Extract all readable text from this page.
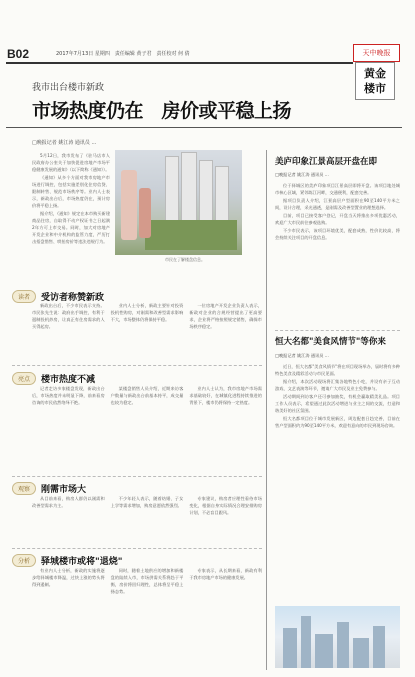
B02	2017年7月13日 星期四　责任编辑 黄子君　责任校对 何 倩	天中晚报
黄金
楼市
我市出台楼市新政
市场热度仍在　房价或平稳上扬
□晚报记者 姚江涛 通讯员 ...

5月12日，我市发布了《驻马店市人民政府办公室关于加快促进房地产市场平稳健康发展的通知》（以下简称《通知》）。

《通知》从多个方面对我市房地产市场进行调控，包括实施差别化住房信贷、限制转售、规范市场秩序等。业内人士表示，新政出台后，市场热度仍在，预计房价将平稳上扬。

据介绍，《通知》规定在本市购买新建商品住房，自取得不动产权证书之日起满2年方可上市交易。同时，加大对房地产开发企业和中介机构的监管力度，严厉打击捂盘惜售、哄抬房价等违法违规行为。

市民在了解楼盘信息。
读者	受访者称赞新政

新政出台后，不少市民表示支持。市民张先生说：政府出手调控，有利于遏制投机炒房，让真正有住房需求的人买得起房。

业内人士分析，新政主要针对投资投机性购房，对刚需和改善型需求影响不大，市场整体仍将保持平稳。

一位房地产开发企业负责人表示，新政对企业的合规经营提出了更高要求，企业将严格按照规定销售，确保市场秩序稳定。

亮点	楼市热度不减

记者走访多家楼盘发现，新政出台后，市场热度并未明显下降，前来看房咨询的市民依然络绎不绝。

某楼盘销售人员介绍，近期来访客户数量与新政出台前基本持平，成交量也较为稳定。

业内人士认为，我市房地产市场需求基础较好，在城镇化进程持续推进的背景下，楼市仍将保持一定热度。

观察	刚需市场大

从目前来看，购房人群仍以刚需和改善型需求为主。

不少年轻人表示，随着结婚、子女上学等需求增加，购房意愿依然强烈。

专家建议，购房者应理性看待市场变化，根据自身实际情况合理安排购房计划，不必盲目跟风。

分析	驿城楼市或将"退烧"

有业内人士分析，新政的实施将逐步给驿城楼市降温，过快上涨的势头将得到遏制。

同时，随着土地供应的增加和新楼盘的陆续入市，市场供需关系将趋于平衡，房价将回归理性，总体将呈平稳上扬态势。

专家表示，从长期来看，新政有利于我市房地产市场的健康发展。

美庐印象江景高层开盘在即
□晚报记者 姚江涛 通讯员 ...

位于驿城区的美庐印象项目江景高层即将开盘。该项目地处城市核心区域，紧邻练江河畔，交通便利，配套完善。

据项目负责人介绍，江景高层户型面积在90至140平方米之间，设计合理，采光通透，是刚需及改善型置业的理想选择。

目前，项目已接受客户登记，开盘当天将推出多项优惠活动，欢迎广大市民前往参观选购。

不少市民表示，该项目环境优美，配套成熟，性价比较高，将会持续关注项目的开盘信息。

恒大名都"美食风情节"等你来
□晚报记者 姚江涛 通讯员 ...

近日，恒大名都"美食风情节"将在项目现场举办，届时将有多种特色美食及精彩活动与市民见面。

据介绍，本次活动现场将汇集各地特色小吃，并设有亲子互动游戏、文艺表演等环节，邀请广大市民及业主免费参与。

活动期间到访客户还可参加抽奖，有机会赢取精美礼品。项目工作人员表示，希望通过此次活动增进与业主之间的交流，打造和谐美好的社区氛围。

恒大名都项目位于城市发展新区，周边配套日趋完善，目前在售户型面积约为90至140平方米，欢迎有意向的市民到现场咨询。
